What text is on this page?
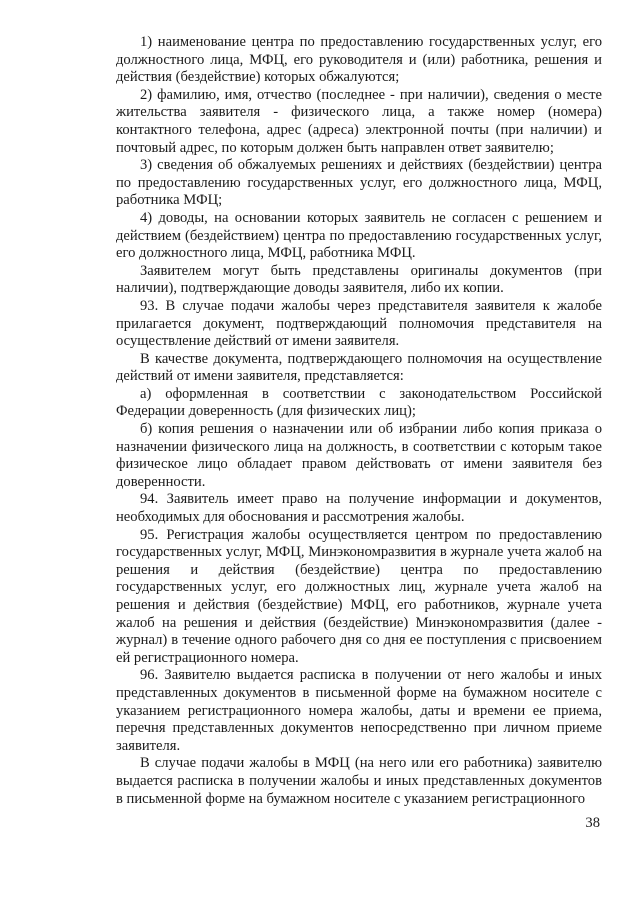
1) наименование центра по предоставлению государственных услуг, его должностного лица, МФЦ, его руководителя и (или) работника, решения и действия (бездействие) которых обжалуются;

2) фамилию, имя, отчество (последнее - при наличии), сведения о месте жительства заявителя - физического лица, а также номер (номера) контактного телефона, адрес (адреса) электронной почты (при наличии) и почтовый адрес, по которым должен быть направлен ответ заявителю;

3) сведения об обжалуемых решениях и действиях (бездействии) центра по предоставлению государственных услуг, его должностного лица, МФЦ, работника МФЦ;

4) доводы, на основании которых заявитель не согласен с решением и действием (бездействием) центра по предоставлению государственных услуг, его должностного лица, МФЦ, работника МФЦ.

Заявителем могут быть представлены оригиналы документов (при наличии), подтверждающие доводы заявителя, либо их копии.

93. В случае подачи жалобы через представителя заявителя к жалобе прилагается документ, подтверждающий полномочия представителя на осуществление действий от имени заявителя.

В качестве документа, подтверждающего полномочия на осуществление действий от имени заявителя, представляется:

а) оформленная в соответствии с законодательством Российской Федерации доверенность (для физических лиц);

б) копия решения о назначении или об избрании либо копия приказа о назначении физического лица на должность, в соответствии с которым такое физическое лицо обладает правом действовать от имени заявителя без доверенности.

94. Заявитель имеет право на получение информации и документов, необходимых для обоснования и рассмотрения жалобы.

95. Регистрация жалобы осуществляется центром по предоставлению государственных услуг, МФЦ, Минэкономразвития в журнале учета жалоб на решения и действия (бездействие) центра по предоставлению государственных услуг, его должностных лиц, журнале учета жалоб на решения и действия (бездействие) МФЦ, его работников, журнале учета жалоб на решения и действия (бездействие) Минэкономразвития (далее - журнал) в течение одного рабочего дня со дня ее поступления с присвоением ей регистрационного номера.

96. Заявителю выдается расписка в получении от него жалобы и иных представленных документов в письменной форме на бумажном носителе с указанием регистрационного номера жалобы, даты и времени ее приема, перечня представленных документов непосредственно при личном приеме заявителя.

В случае подачи жалобы в МФЦ (на него или его работника) заявителю выдается расписка в получении жалобы и иных представленных документов в письменной форме на бумажном носителе с указанием регистрационного

38
